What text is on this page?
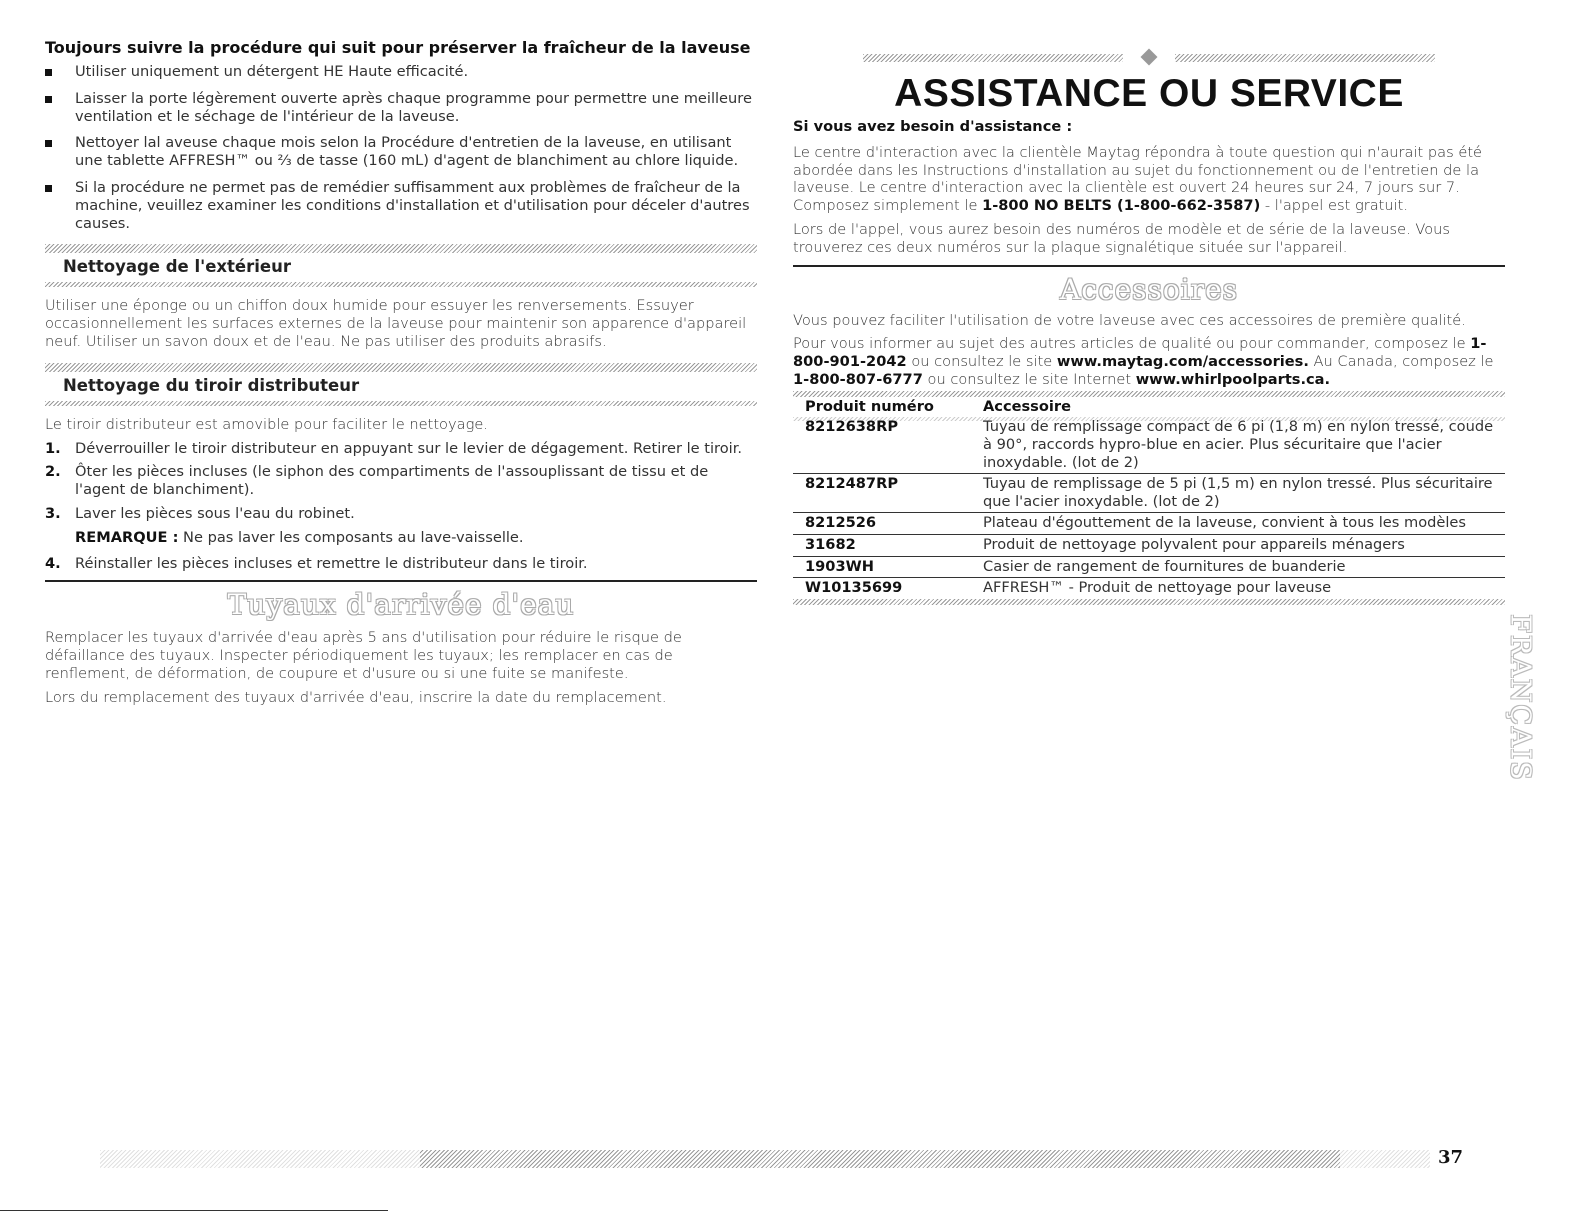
Toujours suivre la procédure qui suit pour préserver la fraîcheur de la laveuse
Utiliser uniquement un détergent HE Haute efficacité.
Laisser la porte légèrement ouverte après chaque programme pour permettre une meilleure ventilation et le séchage de l'intérieur de la laveuse.
Nettoyer lal aveuse chaque mois selon la Procédure d'entretien de la laveuse, en utilisant une tablette AFFRESH™ ou ⅔ de tasse (160 mL) d'agent de blanchiment au chlore liquide.
Si la procédure ne permet pas de remédier suffisamment aux problèmes de fraîcheur de la machine, veuillez examiner les conditions d'installation et d'utilisation pour déceler d'autres causes.
Nettoyage de l'extérieur

Utiliser une éponge ou un chiffon doux humide pour essuyer les renversements. Essuyer occasionnellement les surfaces externes de la laveuse pour maintenir son apparence d'appareil neuf. Utiliser un savon doux et de l'eau. Ne pas utiliser des produits abrasifs.

Nettoyage du tiroir distributeur

Le tiroir distributeur est amovible pour faciliter le nettoyage.

1. Déverrouiller le tiroir distributeur en appuyant sur le levier de dégagement. Retirer le tiroir.
2. Ôter les pièces incluses (le siphon des compartiments de l'assouplissant de tissu et de l'agent de blanchiment).
3. Laver les pièces sous l'eau du robinet.
REMARQUE : Ne pas laver les composants au lave-vaisselle.
4. Réinstaller les pièces incluses et remettre le distributeur dans le tiroir.
Tuyaux d'arrivée d'eau

Remplacer les tuyaux d'arrivée d'eau après 5 ans d'utilisation pour réduire le risque de défaillance des tuyaux. Inspecter périodiquement les tuyaux; les remplacer en cas de renflement, de déformation, de coupure et d'usure ou si une fuite se manifeste.

Lors du remplacement des tuyaux d'arrivée d'eau, inscrire la date du remplacement.

ASSISTANCE OU SERVICE

Si vous avez besoin d'assistance :

Le centre d'interaction avec la clientèle Maytag répondra à toute question qui n'aurait pas été abordée dans les Instructions d'installation au sujet du fonctionnement ou de l'entretien de la laveuse. Le centre d'interaction avec la clientèle est ouvert 24 heures sur 24, 7 jours sur 7. Composez simplement le 1-800 NO BELTS (1-800-662-3587) - l'appel est gratuit.

Lors de l'appel, vous aurez besoin des numéros de modèle et de série de la laveuse. Vous trouverez ces deux numéros sur la plaque signalétique située sur l'appareil.

Accessoires

Vous pouvez faciliter l'utilisation de votre laveuse avec ces accessoires de première qualité.

Pour vous informer au sujet des autres articles de qualité ou pour commander, composez le 1-800-901-2042 ou consultez le site www.maytag.com/accessories. Au Canada, composez le 1-800-807-6777 ou consultez le site Internet www.whirlpoolparts.ca.

Produit numéro	Accessoire
8212638RP	Tuyau de remplissage compact de 6 pi (1,8 m) en nylon tressé, coude à 90°, raccords hypro-blue en acier. Plus sécuritaire que l'acier inoxydable. (lot de 2)
8212487RP	Tuyau de remplissage de 5 pi (1,5 m) en nylon tressé. Plus sécuritaire que l'acier inoxydable. (lot de 2)
8212526	Plateau d'égouttement de la laveuse, convient à tous les modèles
31682	Produit de nettoyage polyvalent pour appareils ménagers
1903WH	Casier de rangement de fournitures de buanderie
W10135699	AFFRESH™ - Produit de nettoyage pour laveuse
FRANÇAIS
37
